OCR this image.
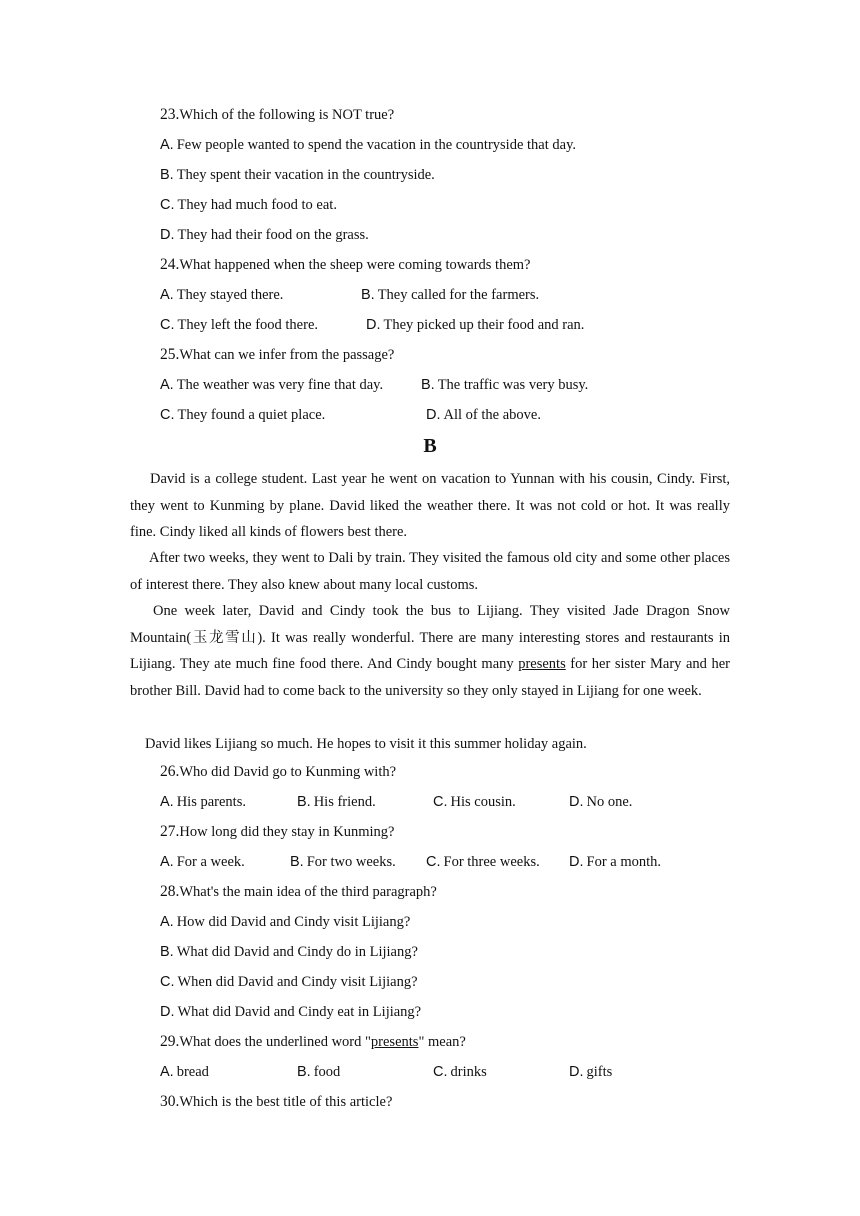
23.Which of the following is NOT true?
A. Few people wanted to spend the vacation in the countryside that day.
B. They spent their vacation in the countryside.
C. They had much food to eat.
D. They had their food on the grass.
24.What happened when the sheep were coming towards them?
A. They stayed there.	B. They called for the farmers.
C. They left the food there.	D. They picked up their food and ran.
25.What can we infer from the passage?
A. The weather was very fine that day.	B. The traffic was very busy.
C. They found a quiet place.	D. All of the above.
B

David is a college student. Last year he went on vacation to Yunnan with his cousin, Cindy. First, they went to Kunming by plane. David liked the weather there. It was not cold or hot. It was really fine. Cindy liked all kinds of flowers best there.

After two weeks, they went to Dali by train. They visited the famous old city and some other places of interest there. They also knew about many local customs.

One week later, David and Cindy took the bus to Lijiang. They visited Jade Dragon Snow Mountain(玉龙雪山). It was really wonderful. There are many interesting stores and restaurants in Lijiang. They ate much fine food there. And Cindy bought many presents for her sister Mary and her brother Bill. David had to come back to the university so they only stayed in Lijiang for one week.

David likes Lijiang so much. He hopes to visit it this summer holiday again.

26.Who did David go to Kunming with?
A. His parents.	B. His friend.	C. His cousin.	D. No one.
27.How long did they stay in Kunming?
A. For a week.	B. For two weeks. C. For three weeks. D. For a month.
28.What's the main idea of the third paragraph?
A. How did David and Cindy visit Lijiang?
B. What did David and Cindy do in Lijiang?
C. When did David and Cindy visit Lijiang?
D. What did David and Cindy eat in Lijiang?
29.What does the underlined word "presents" mean?
A. bread	B. food	C. drinks	D. gifts
30.Which is the best title of this article?
